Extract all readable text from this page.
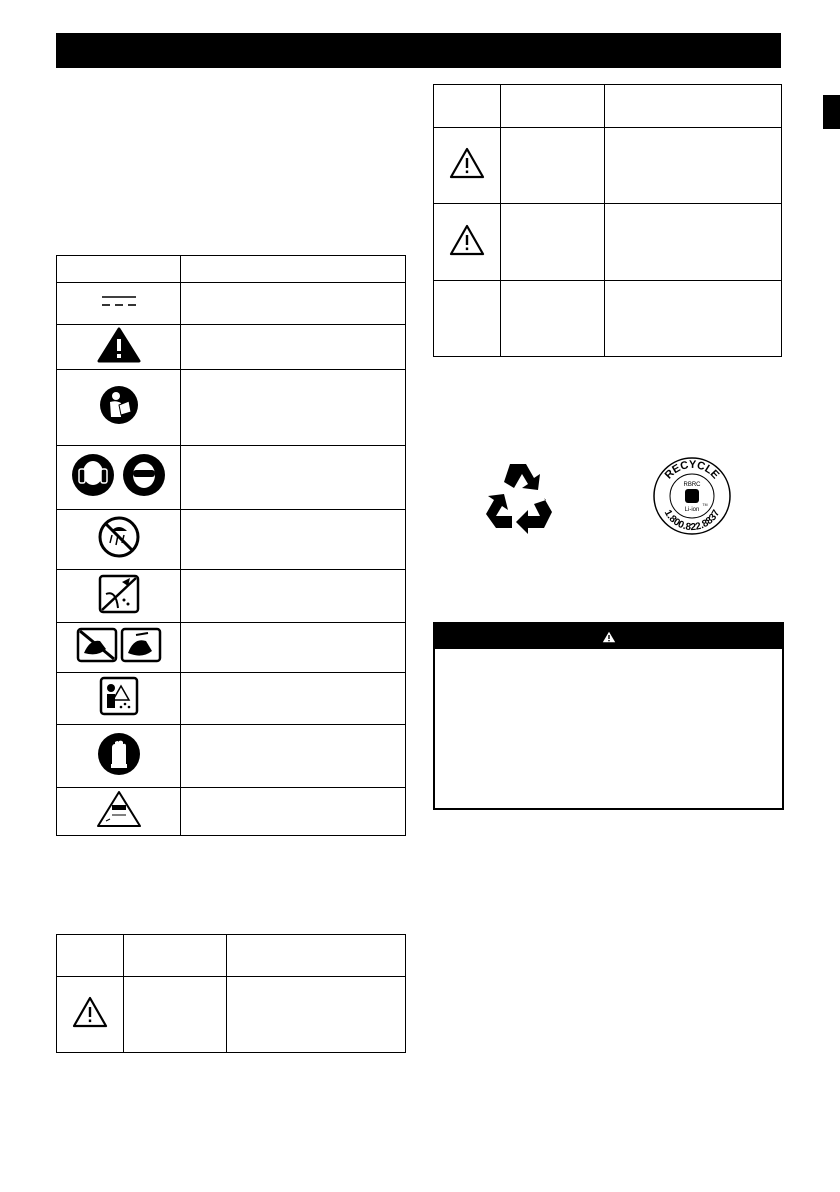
RECYCLE
1.800.822.8837
RBRC
Li-ion
TM
